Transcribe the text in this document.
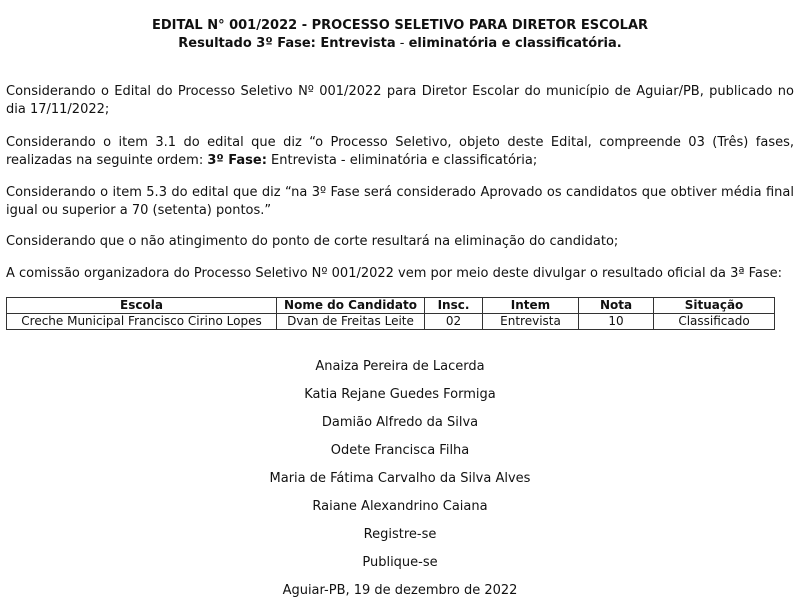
EDITAL N° 001/2022 - PROCESSO SELETIVO PARA DIRETOR ESCOLAR
Resultado 3º Fase: Entrevista - eliminatória e classificatória.
Considerando o Edital do Processo Seletivo Nº 001/2022 para Diretor Escolar do município de Aguiar/PB, publicado no dia 17/11/2022;
Considerando o item 3.1 do edital que diz “o Processo Seletivo, objeto deste Edital, compreende 03 (Três) fases, realizadas na seguinte ordem: 3º Fase: Entrevista - eliminatória e classificatória;
Considerando o item 5.3 do edital que diz “na 3º Fase será considerado Aprovado os candidatos que obtiver média final igual ou superior a 70 (setenta) pontos.”
Considerando que o não atingimento do ponto de corte resultará na eliminação do candidato;
A comissão organizadora do Processo Seletivo Nº 001/2022 vem por meio deste divulgar o resultado oficial da 3ª Fase:
Escola	Nome do Candidato	Insc.	Intem	Nota	Situação
Creche Municipal Francisco Cirino Lopes	Dvan de Freitas Leite	02	Entrevista	10	Classificado
Anaiza Pereira de Lacerda
Katia Rejane Guedes Formiga
Damião Alfredo da Silva
Odete Francisca Filha
Maria de Fátima Carvalho da Silva Alves
Raiane Alexandrino Caiana
Registre-se
Publique-se
Aguiar-PB, 19 de dezembro de 2022
